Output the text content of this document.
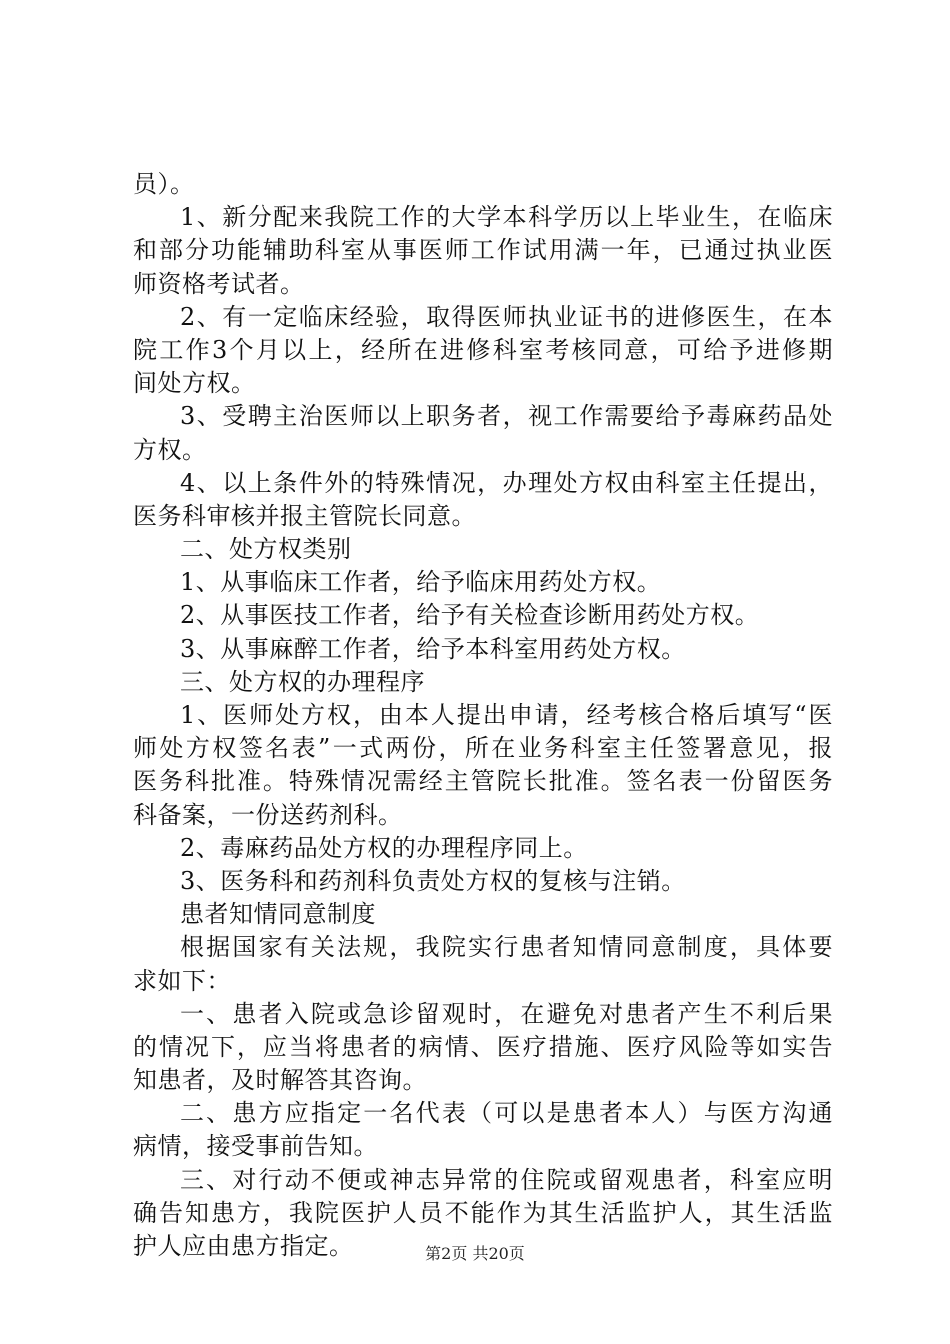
员）。
1、新分配来我院工作的大学本科学历以上毕业生，在临床
和部分功能辅助科室从事医师工作试用满一年，已通过执业医
师资格考试者。
2、有一定临床经验，取得医师执业证书的进修医生，在本
院工作3个月以上，经所在进修科室考核同意，可给予进修期
间处方权。
3、受聘主治医师以上职务者，视工作需要给予毒麻药品处
方权。
4、以上条件外的特殊情况，办理处方权由科室主任提出，
医务科审核并报主管院长同意。
二、处方权类别
1、从事临床工作者，给予临床用药处方权。
2、从事医技工作者，给予有关检查诊断用药处方权。
3、从事麻醉工作者，给予本科室用药处方权。
三、处方权的办理程序
1、医师处方权，由本人提出申请，经考核合格后填写“医
师处方权签名表”一式两份，所在业务科室主任签署意见，报
医务科批准。特殊情况需经主管院长批准。签名表一份留医务
科备案，一份送药剂科。
2、毒麻药品处方权的办理程序同上。
3、医务科和药剂科负责处方权的复核与注销。
患者知情同意制度
根据国家有关法规，我院实行患者知情同意制度，具体要
求如下：
一、患者入院或急诊留观时，在避免对患者产生不利后果
的情况下，应当将患者的病情、医疗措施、医疗风险等如实告
知患者，及时解答其咨询。
二、患方应指定一名代表（可以是患者本人）与医方沟通
病情，接受事前告知。
三、对行动不便或神志异常的住院或留观患者，科室应明
确告知患方，我院医护人员不能作为其生活监护人，其生活监
护人应由患方指定。	第2页 共20页
